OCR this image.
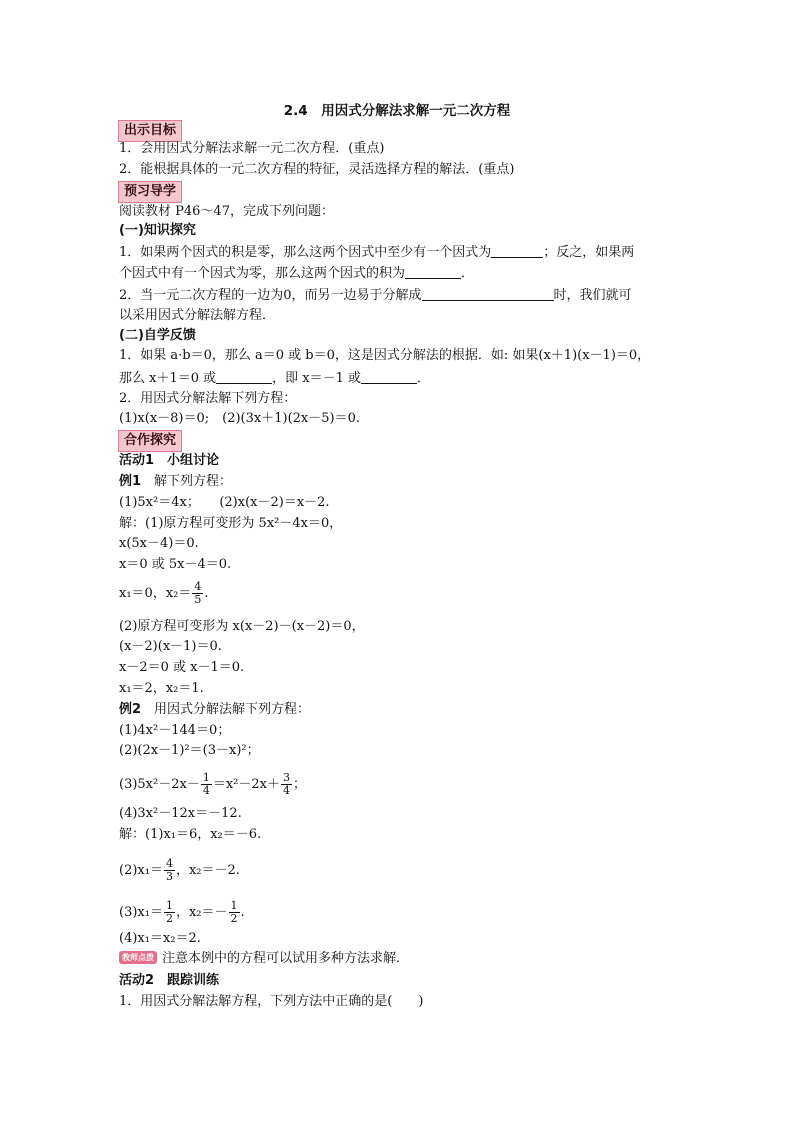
2.4　用因式分解法求解一元二次方程
出示目标
1．会用因式分解法求解一元二次方程．(重点)
2．能根据具体的一元二次方程的特征，灵活选择方程的解法．(重点)
预习导学
阅读教材 P46～47，完成下列问题：
(一)知识探究
1．如果两个因式的积是零，那么这两个因式中至少有一个因式为	；反之，如果两
个因式中有一个因式为零，那么这两个因式的积为	．
2．当一元二次方程的一边为0，而另一边易于分解成	时，我们就可
以采用因式分解法解方程．
(二)自学反馈
1．如果 a·b＝0，那么 a＝0 或 b＝0，这是因式分解法的根据．如: 如果(x＋1)(x－1)＝0，
那么 x＋1＝0 或	，即 x＝－1 或	．
2．用因式分解法解下列方程：
(1)x(x－8)＝0;　(2)(3x＋1)(2x－5)＝0.
合作探究
活动1　小组讨论
例1　解下列方程：
(1)5x²＝4x；　　(2)x(x－2)＝x－2.
解：(1)原方程可变形为 5x²－4x＝0，
x(5x－4)＝0.
x＝0 或 5x－4＝0.
x₁＝0，$x_2= \frac{4}{5}$ .
(2)原方程可变形为 x(x－2)－(x－2)＝0，
(x－2)(x－1)＝0.
x－2＝0 或 x－1＝0.
x₁＝2，x₂＝1.
例2　用因式分解法解下列方程：
(1)4x²－144＝0；
(2)(2x－1)²＝(3－x)²；
$(3)5x^2-2x- \frac{1}{4} =x^2-2x+ \frac{3}{4}$ ；
(4)3x²－12x＝－12.
解：(1)x₁＝6，x₂＝－6.
$(2)x_1= \frac{4}{3}$ ，x₂＝－2.
$(3)x_1= \frac{1}{2}$ ，$x_2=- \frac{1}{2}$ .
(4)x₁＝x₂＝2.
教师点拨 注意本例中的方程可以试用多种方法求解．
活动2　跟踪训练
1．用因式分解法解方程，下列方法中正确的是( )
